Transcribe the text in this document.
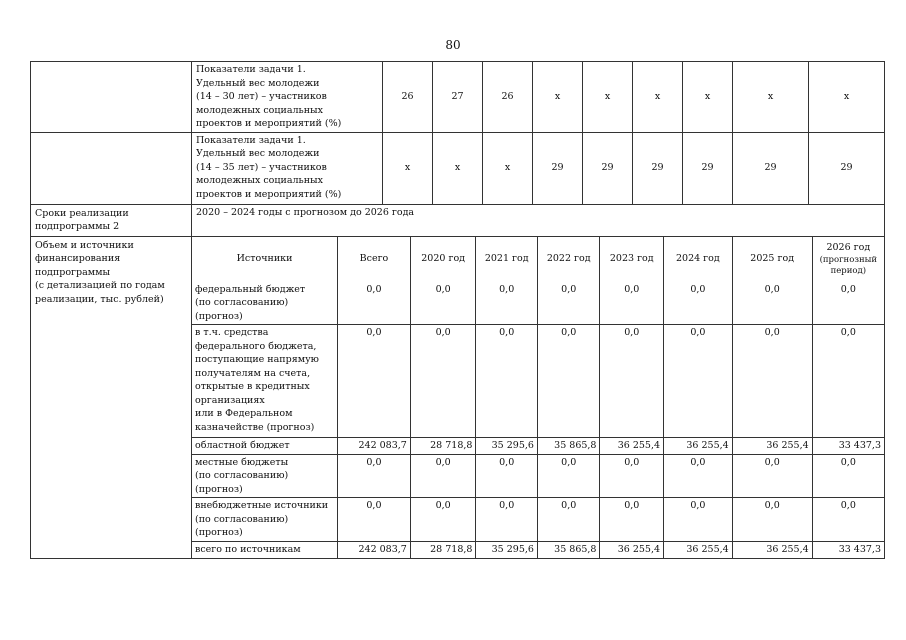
80
	Показатели задачи 1.
Удельный вес молодежи
(14 – 30 лет) – участников
молодежных социальных
проектов и мероприятий (%)	26	27	26	x	x	x	x	x	x
	Показатели задачи 1.
Удельный вес молодежи
(14 – 35 лет) – участников
молодежных социальных
проектов и мероприятий (%)	x	x	x	29	29	29	29	29	29
Сроки реализации
подпрограммы 2	2020 – 2024 годы с прогнозом до 2026 года
Объем и источники
финансирования
подпрограммы
(с детализацией по годам
реализации, тыс. рублей)	
Источники	Всего	2020 год	2021 год	2022 год	2023 год	2024 год	2025 год	2026 год
(прогнозный
период)

федеральный бюджет
(по согласованию)
(прогноз)	0,0	0,0	0,0	0,0	0,0	0,0	0,0	0,0
в т.ч. средства
федерального бюджета,
поступающие напрямую
получателям на счета,
открытые в кредитных
организациях
или в Федеральном
казначействе (прогноз)	0,0	0,0	0,0	0,0	0,0	0,0	0,0	0,0
областной бюджет	242 083,7	28 718,8	35 295,6	35 865,8	36 255,4	36 255,4	36 255,4	33 437,3
местные бюджеты
(по согласованию)
(прогноз)	0,0	0,0	0,0	0,0	0,0	0,0	0,0	0,0
внебюджетные источники
(по согласованию)
(прогноз)	0,0	0,0	0,0	0,0	0,0	0,0	0,0	0,0
всего по источникам	242 083,7	28 718,8	35 295,6	35 865,8	36 255,4	36 255,4	36 255,4	33 437,3
